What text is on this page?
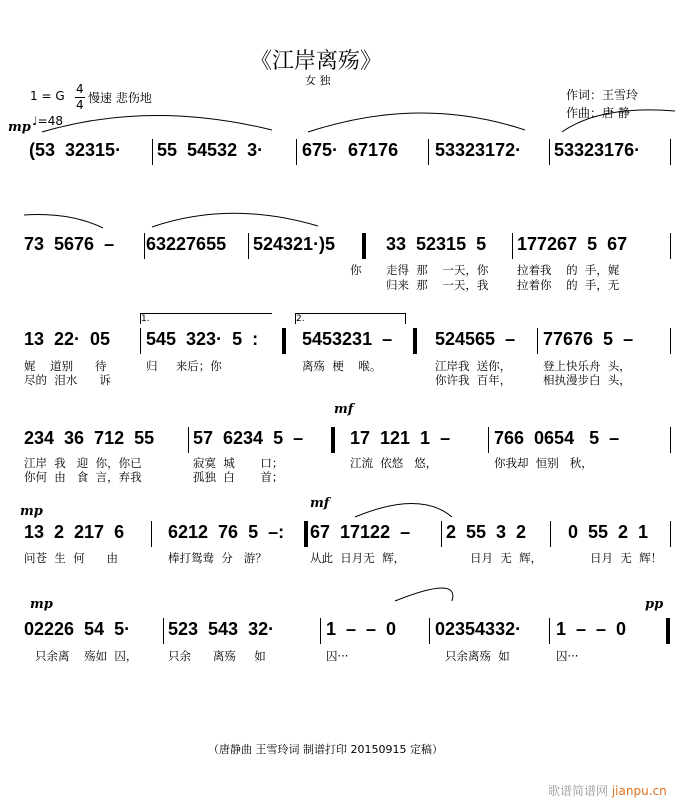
《江岸离殇》
女 独
1 = G 4
4 慢速 悲伤地
♩=48
作词：王雪玲
作曲：唐 静
mp
(53  32315· 55  54532  3· 675·  67176 53323172· 53323176·
73  5676  – 63227655 524321·)5	33  52315  5 177267  5  67
你 走得  那    一天，你 拉着我    的  手，娓
归来  那    一天，我 拉着你    的  手，无
1.	2.
13  22·  05 545  323·  5  : 5453231  – 524565  – 77676  5  –
娓    道别      待	归     来后；你	离殇  梗    喉。	江岸我  送你，	登上快乐舟  头，
尽的  泪水      诉	你许我  百年，	相执漫步白  头，
mf
234  36  712  55 57  6234  5  –	17  121  1  – 766  0654   5  –
江岸  我   迎  你，你已	寂寞  城       口；	江流  依悠   悠，	你我却  恒别   秋，
你何  由   食  言，弃我	孤独  白       首；
mp
mf
13  2  217  6 6212  76  5  –: 67  17122  – 2  55  3  2 0  55  2  1
问苍  生  何      由	棒打鸳鸯  分   游？	从此  日月无  辉，	日月  无  辉，	日月  无  辉！
mp	pp
02226  54  5· 523  543  32·	1  –  –  0 02354332· 1  –  –  0
只余离    殇如  囚，	只余      离殇     如	囚···	只余离殇  如	囚···
（唐静曲 王雪玲词 制谱打印 20150915 定稿）
歌谱简谱网 jianpu.cn
